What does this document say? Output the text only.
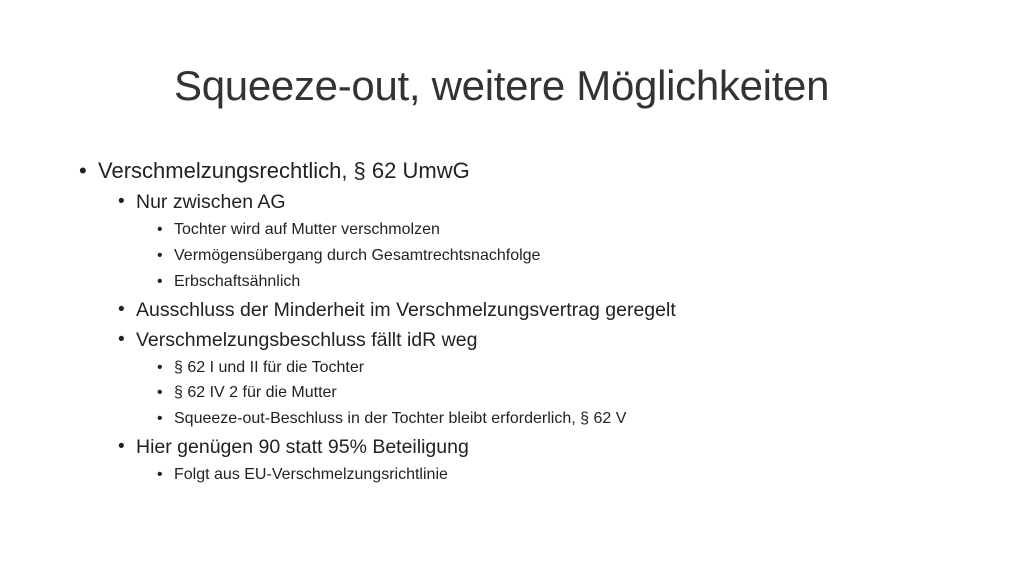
Squeeze-out, weitere Möglichkeiten
• Verschmelzungsrechtlich, § 62 UmwG
• Nur zwischen AG
• Tochter wird auf Mutter verschmolzen
• Vermögensübergang durch Gesamtrechtsnachfolge
• Erbschaftsähnlich
• Ausschluss der Minderheit im Verschmelzungsvertrag geregelt
• Verschmelzungsbeschluss fällt idR weg
• § 62 I und II für die Tochter
• § 62 IV 2 für die Mutter
• Squeeze-out-Beschluss in der Tochter bleibt erforderlich, § 62 V
• Hier genügen 90 statt 95% Beteiligung
• Folgt aus EU-Verschmelzungsrichtlinie
